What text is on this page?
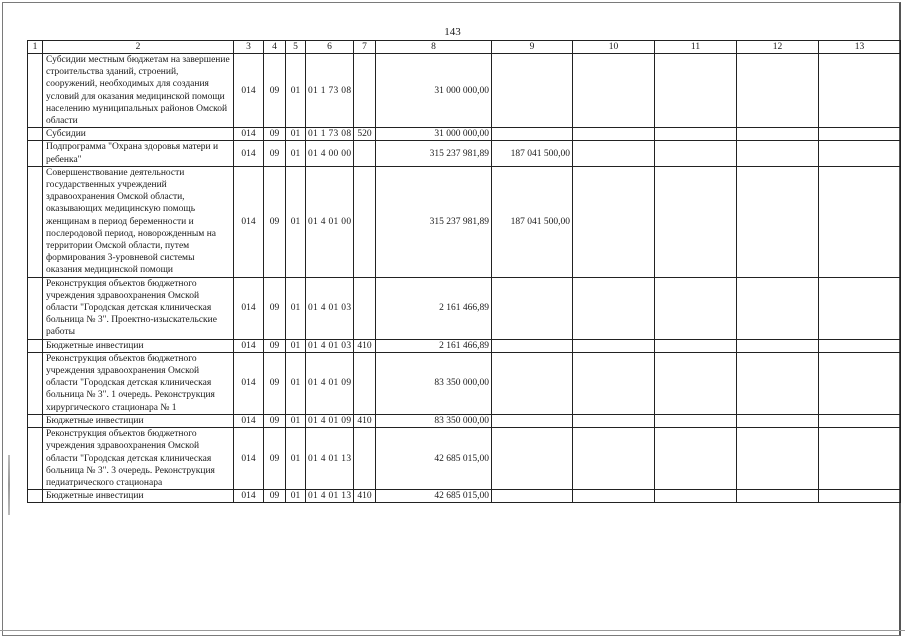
143
1	2	3	4	5	6	7	8	9	10	11	12	13
	Субсидии местным бюджетам на завершение строительства зданий, строений, сооружений, необходимых для создания условий для оказания медицинской помощи населению муниципальных районов Омской области	014	09	01	01 1 73 08		31 000 000,00					
	Субсидии	014	09	01	01 1 73 08	520	31 000 000,00					
	Подпрограмма "Охрана здоровья матери и ребенка"	014	09	01	01 4 00 00		315 237 981,89	187 041 500,00				
	Совершенствование деятельности государственных учреждений здравоохранения Омской области, оказывающих медицинскую помощь женщинам в период беременности и послеродовой период, новорожденным на территории Омской области, путем формирования 3-уровневой системы оказания медицинской помощи	014	09	01	01 4 01 00		315 237 981,89	187 041 500,00				
	Реконструкция объектов бюджетного учреждения здравоохранения Омской области "Городская детская клиническая больница № 3". Проектно-изыскательские работы	014	09	01	01 4 01 03		2 161 466,89					
	Бюджетные инвестиции	014	09	01	01 4 01 03	410	2 161 466,89					
	Реконструкция объектов бюджетного учреждения здравоохранения Омской области "Городская детская клиническая больница № 3". 1 очередь. Реконструкция хирургического стационара № 1	014	09	01	01 4 01 09		83 350 000,00					
	Бюджетные инвестиции	014	09	01	01 4 01 09	410	83 350 000,00					
	Реконструкция объектов бюджетного учреждения здравоохранения Омской области "Городская детская клиническая больница № 3". 3 очередь. Реконструкция педиатрического стационара	014	09	01	01 4 01 13		42 685 015,00					
	Бюджетные инвестиции	014	09	01	01 4 01 13	410	42 685 015,00					
